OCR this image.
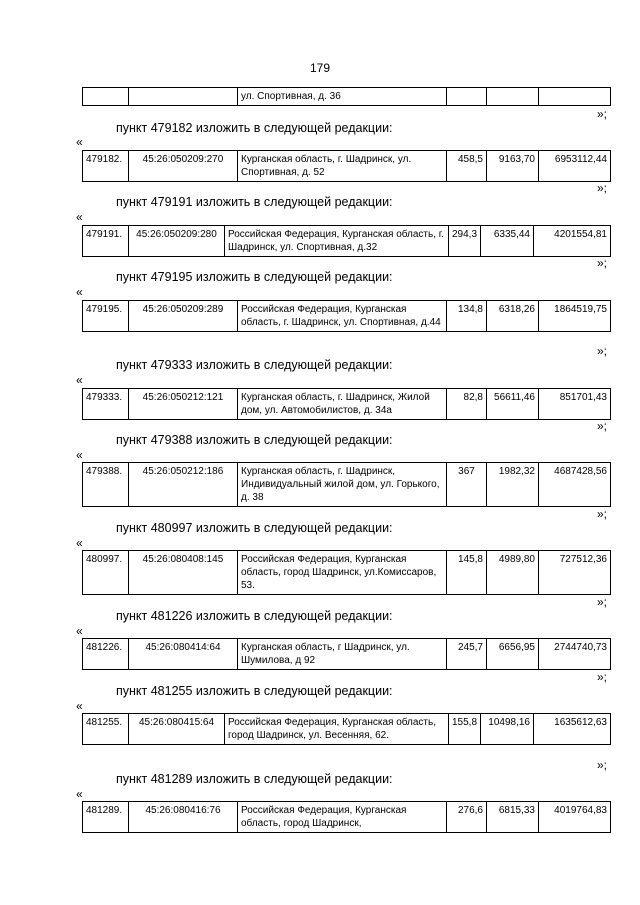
179
		ул. Спортивная, д. 36			
»;
пункт 479182 изложить в следующей редакции:
«
479182.	45:26:050209:270	Курганская область, г. Шадринск, ул. Спортивная, д. 52	458,5	9163,70	6953112,44
»;
пункт 479191 изложить в следующей редакции:
«
479191.	45:26:050209:280	Российская Федерация, Курганская область, г. Шадринск, ул. Спортивная, д.32	294,3	6335,44	4201554,81
»;
пункт 479195 изложить в следующей редакции:
«
479195.	45:26:050209:289	Российская Федерация, Курганская область, г. Шадринск, ул. Спортивная, д.44	134,8	6318,26	1864519,75
»;
пункт 479333 изложить в следующей редакции:
«
479333.	45:26:050212:121	Курганская область, г. Шадринск, Жилой дом, ул. Автомобилистов, д. 34а	82,8	56611,46	851701,43
»;
пункт 479388 изложить в следующей редакции:
«
479388.	45:26:050212:186	Курганская область, г. Шадринск, Индивидуальный жилой дом, ул. Горького, д. 38	367	1982,32	4687428,56
»;
пункт 480997 изложить в следующей редакции:
«
480997.	45:26:080408:145	Российская Федерация, Курганская область, город Шадринск, ул.Комиссаров, 53.	145,8	4989,80	727512,36
»;
пункт 481226 изложить в следующей редакции:
«
481226.	45:26:080414:64	Курганская область, г Шадринск, ул. Шумилова, д 92	245,7	6656,95	2744740,73
»;
пункт 481255 изложить в следующей редакции:
«
481255.	45:26:080415:64	Российская Федерация, Курганская область, город Шадринск, ул. Весенняя, 62.	155,8	10498,16	1635612,63
»;
пункт 481289 изложить в следующей редакции:
«
481289.	45:26:080416:76	Российская Федерация, Курганская область, город Шадринск,	276,6	6815,33	4019764,83
